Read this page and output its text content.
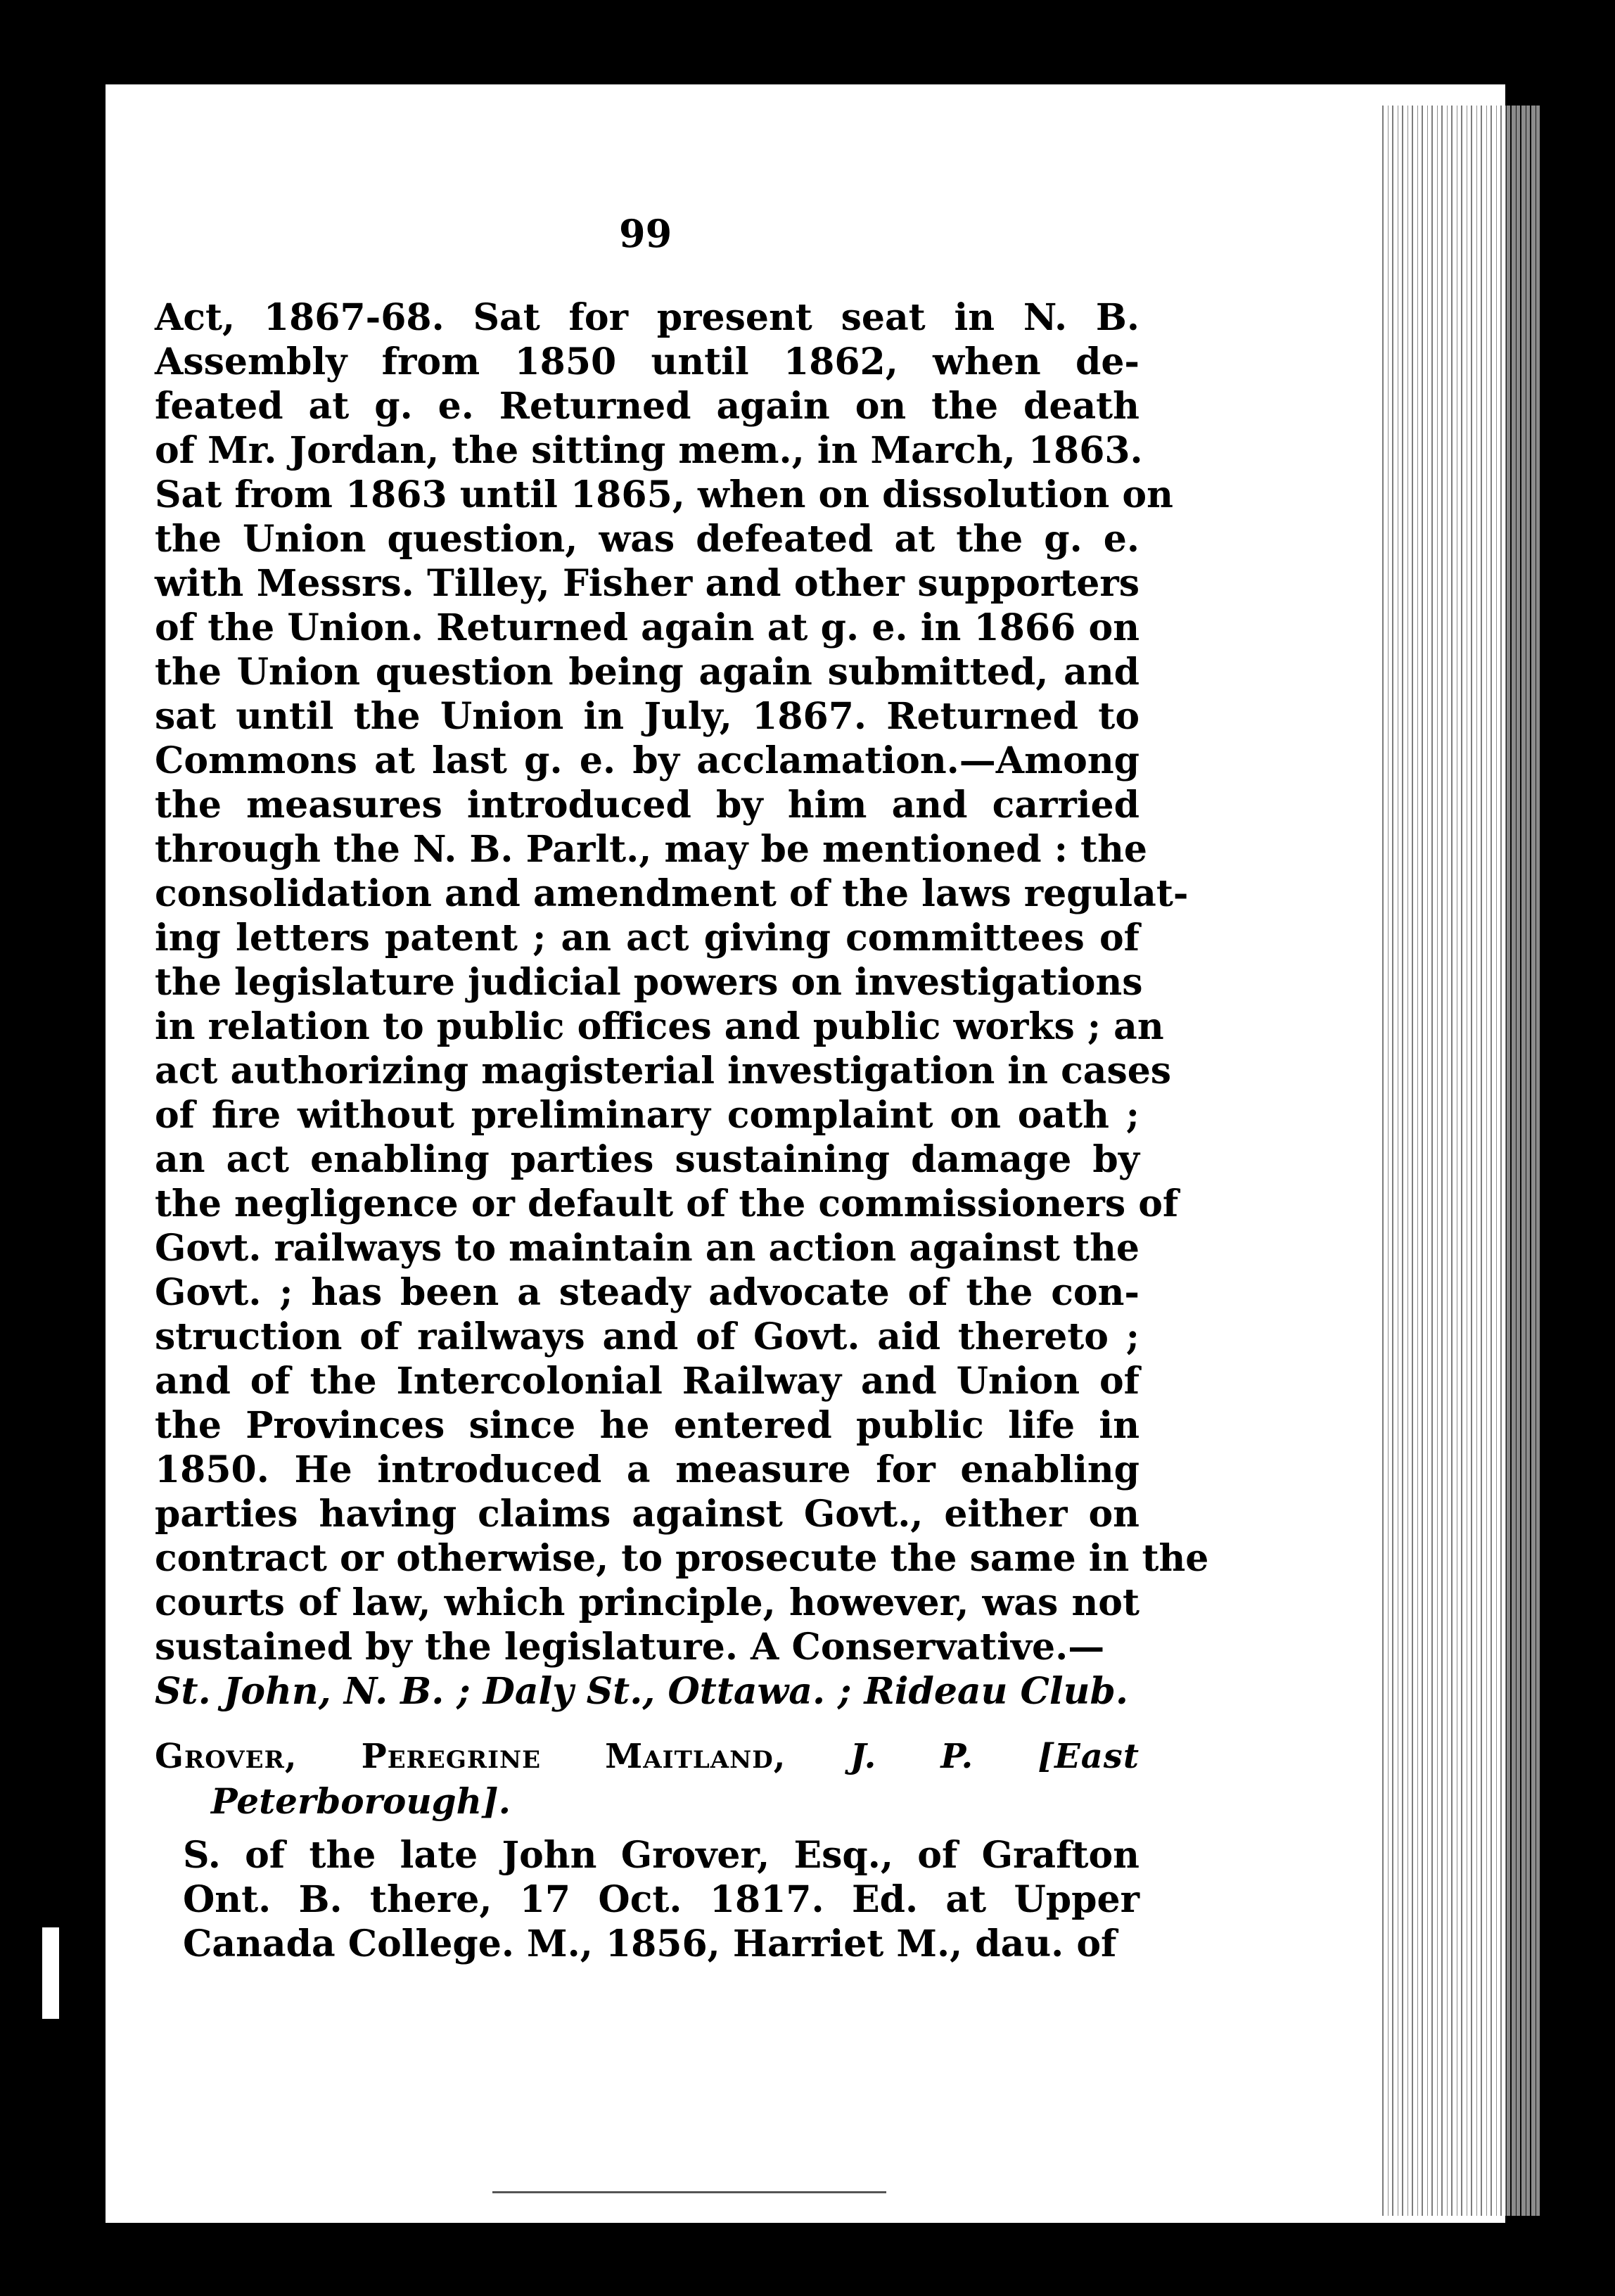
99
Act, 1867-68. Sat for present seat in N. B.
Assembly from 1850 until 1862, when de-
feated at g. e. Returned again on the death
of Mr. Jordan, the sitting mem., in March, 1863.
Sat from 1863 until 1865, when on dissolution on
the Union question, was defeated at the g. e.
with Messrs. Tilley, Fisher and other supporters
of the Union. Returned again at g. e. in 1866 on
the Union question being again submitted, and
sat until the Union in July, 1867. Returned to
Commons at last g. e. by acclamation.—Among
the measures introduced by him and carried
through the N. B. Parlt., may be mentioned : the
consolidation and amendment of the laws regulat-
ing letters patent ; an act giving committees of
the legislature judicial powers on investigations
in relation to public offices and public works ; an
act authorizing magisterial investigation in cases
of fire without preliminary complaint on oath ;
an act enabling parties sustaining damage by
the negligence or default of the commissioners of
Govt. railways to maintain an action against the
Govt. ; has been a steady advocate of the con-
struction of railways and of Govt. aid thereto ;
and of the Intercolonial Railway and Union of
the Provinces since he entered public life in
1850. He introduced a measure for enabling
parties having claims against Govt., either on
contract or otherwise, to prosecute the same in the
courts of law, which principle, however, was not
sustained by the legislature. A Conservative.—
St. John, N. B. ; Daly St., Ottawa. ; Rideau Club.
Grover, Peregrine Maitland, J. P. [East
Peterborough].
S. of the late John Grover, Esq., of Grafton
Ont. B. there, 17 Oct. 1817. Ed. at Upper
Canada College. M., 1856, Harriet M., dau. of
